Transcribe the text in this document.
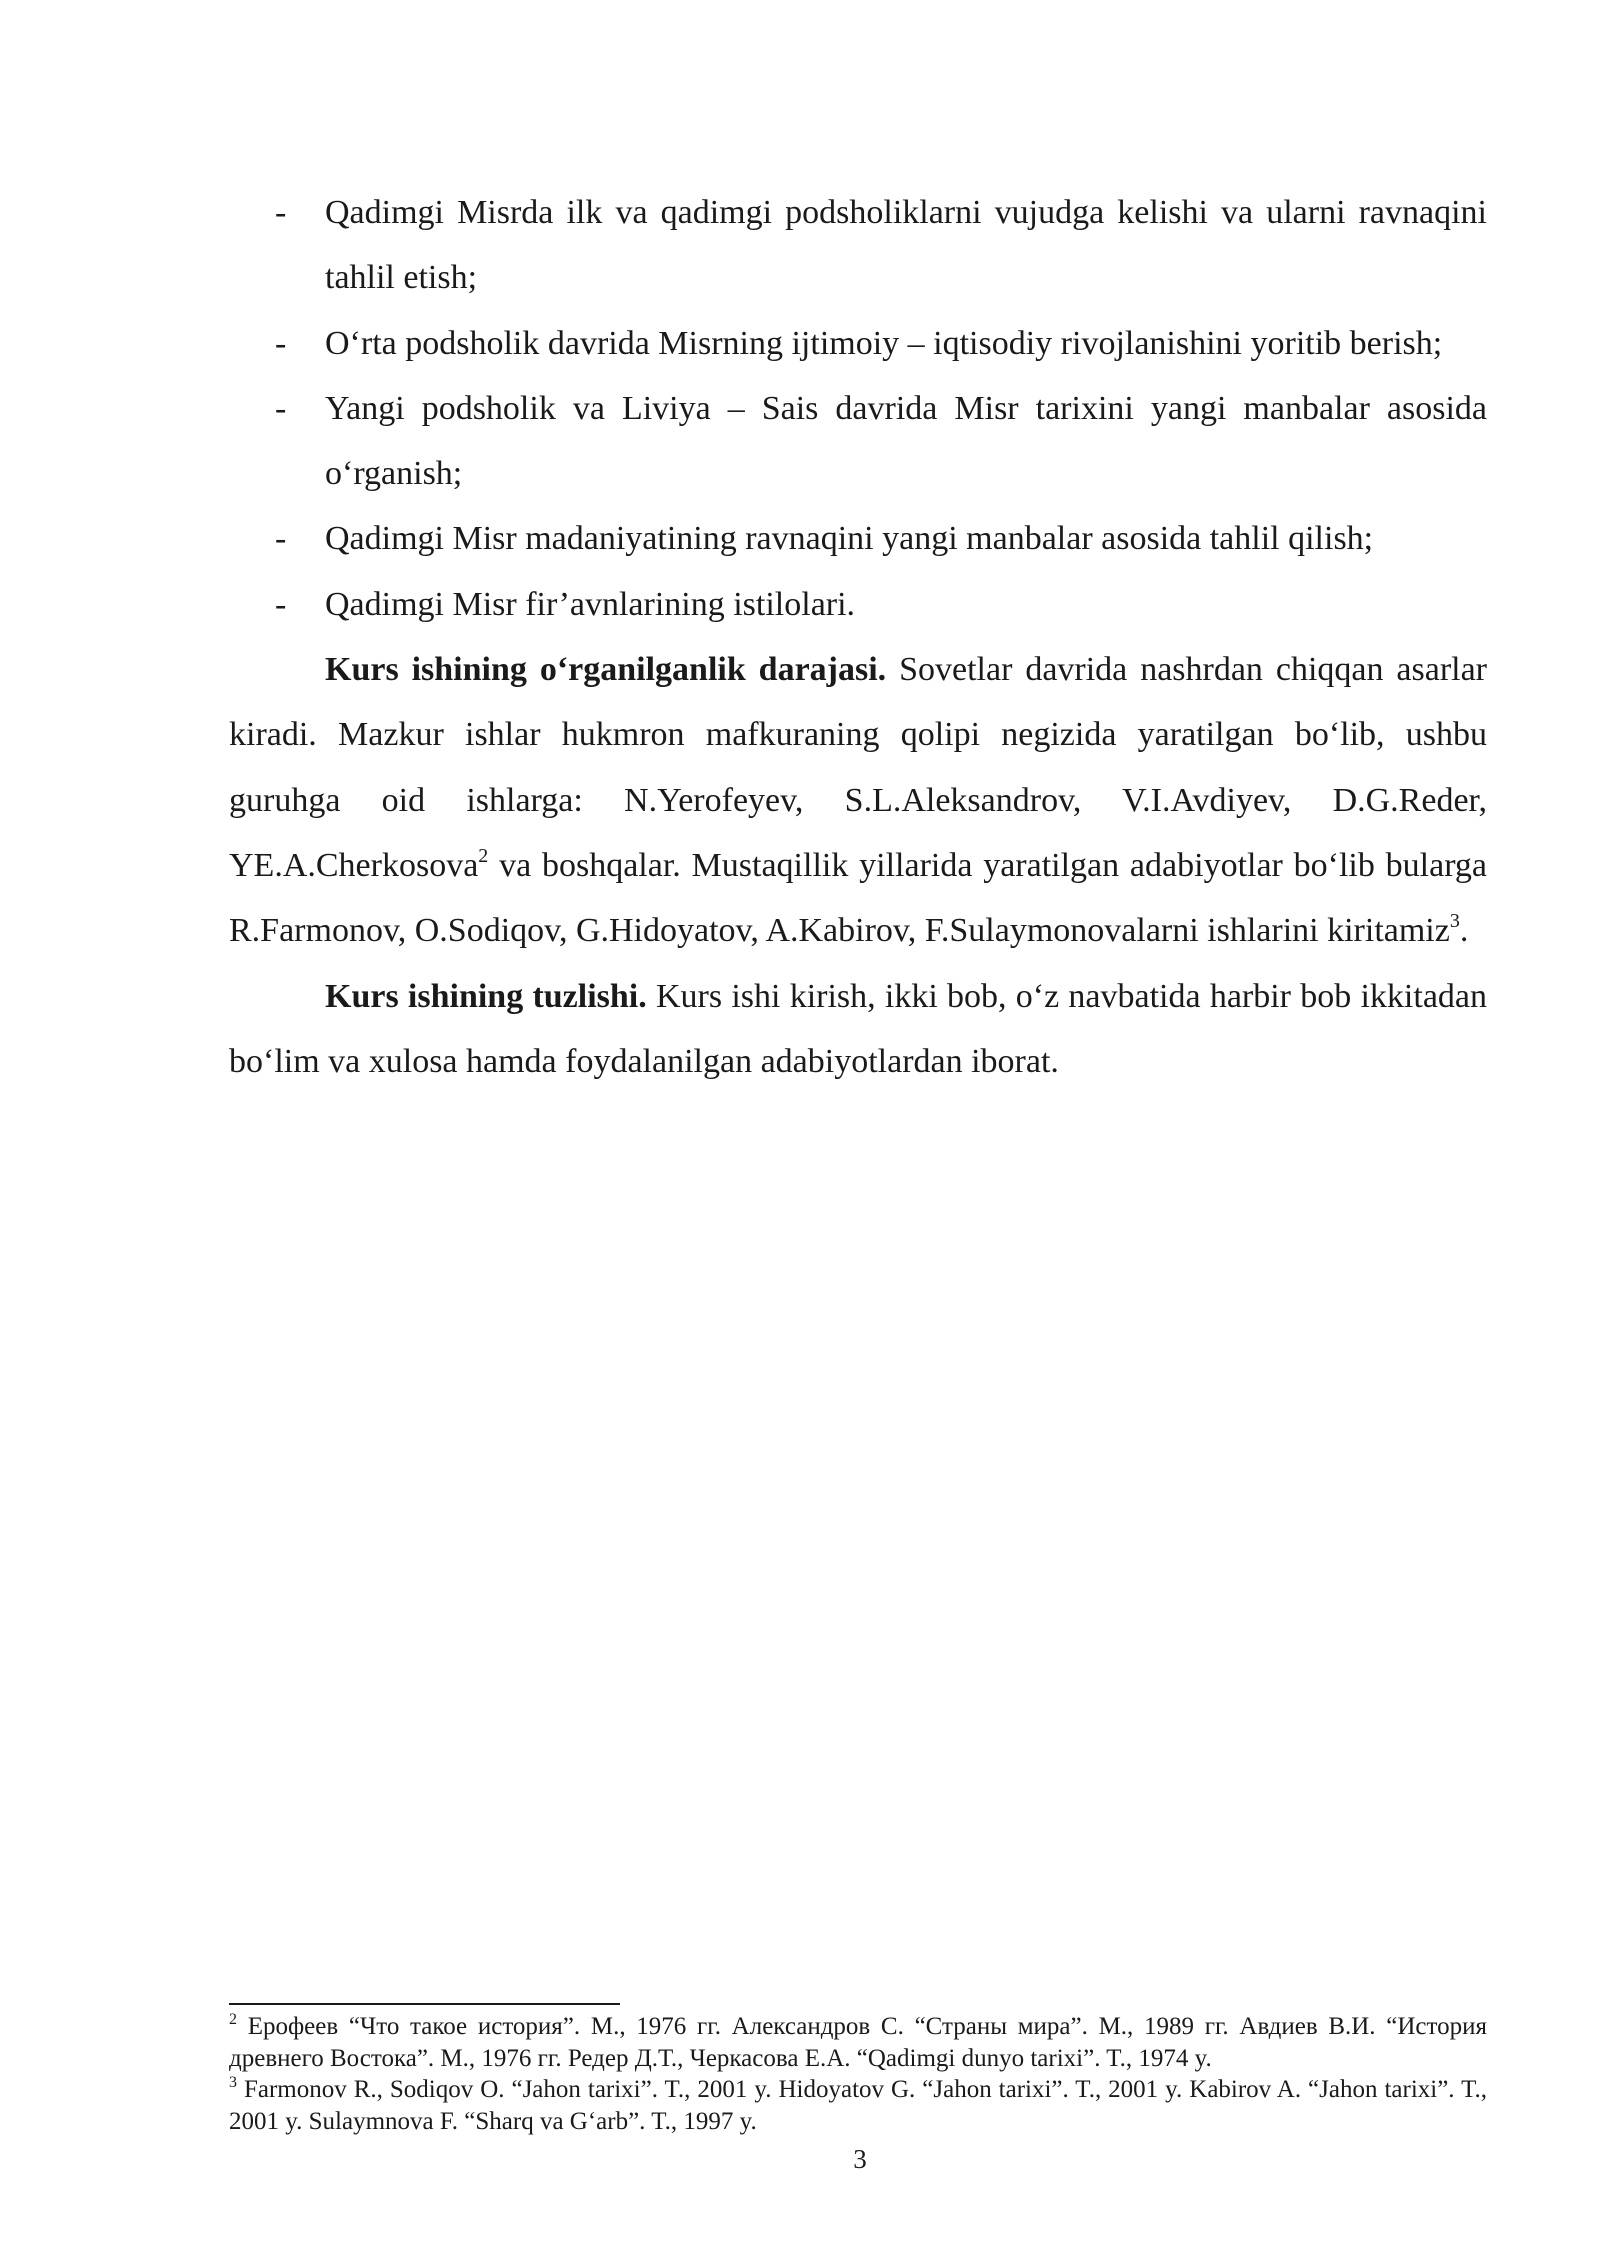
- Qadimgi Misrda ilk va qadimgi podsholiklarni vujudga kelishi va ularni ravnaqini tahlil etish;
- O‘rta podsholik davrida Misrning ijtimoiy – iqtisodiy rivojlanishini yoritib berish;
- Yangi podsholik va Liviya – Sais davrida Misr tarixini yangi manbalar asosida o‘rganish;
- Qadimgi Misr madaniyatining ravnaqini yangi manbalar asosida tahlil qilish;
- Qadimgi Misr fir’avnlarining istilolari.
Kurs ishining o‘rganilganlik darajasi. Sovetlar davrida nashrdan chiqqan asarlar kiradi. Mazkur ishlar hukmron mafkuraning qolipi negizida yaratilgan bo‘lib, ushbu guruhga oid ishlarga: N.Yerofeyev, S.L.Aleksandrov, V.I.Avdiyev, D.G.Reder, YE.A.Cherkosova$^2$ va boshqalar. Mustaqillik yillarida yaratilgan adabiyotlar bo‘lib bularga R.Farmonov, O.Sodiqov, G.Hidoyatov, A.Kabirov, F.Sulaymonovalarni ishlarini kiritamiz$^3$.
Kurs ishining tuzlishi. Kurs ishi kirish, ikki bob, o‘z navbatida harbir bob ikkitadan bo‘lim va xulosa hamda foydalanilgan adabiyotlardan iborat.
$^2$ Ерофеев “Что такое история”. М., 1976 гг. Александров С. “Страны мира”. М., 1989 гг. Авдиев В.И. “История древнего Востока”. М., 1976 гг. Редер Д.Т., Черкасова Е.А. “Qadimgi dunyo tarixi”. T., 1974 y.
$^3$ Farmonov R., Sodiqov O. “Jahon tarixi”. T., 2001 y. Hidoyatov G. “Jahon tarixi”. T., 2001 y. Kabirov A. “Jahon tarixi”. T., 2001 y. Sulaymnova F. “Sharq va G‘arb”. T., 1997 y.
3
